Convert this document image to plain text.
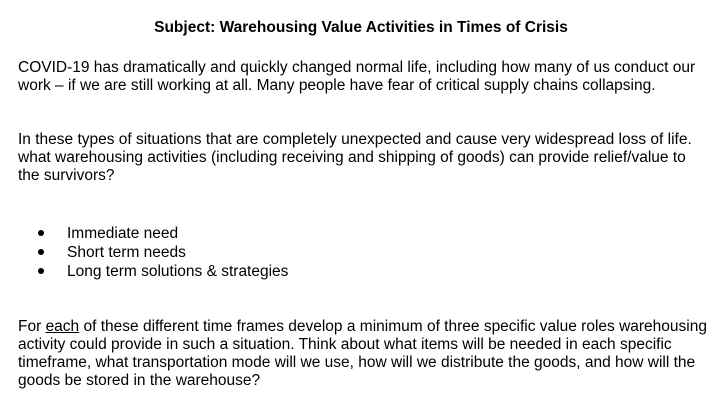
Subject: Warehousing Value Activities in Times of Crisis

COVID-19 has dramatically and quickly changed normal life, including how many of us conduct our work – if we are still working at all. Many people have fear of critical supply chains collapsing.

In these types of situations that are completely unexpected and cause very widespread loss of life. what warehousing activities (including receiving and shipping of goods) can provide relief/value to the survivors?

Immediate need
Short term needs
Long term solutions & strategies

For each of these different time frames develop a minimum of three specific value roles warehousing activity could provide in such a situation. Think about what items will be needed in each specific timeframe, what transportation mode will we use, how will we distribute the goods, and how will the goods be stored in the warehouse?
